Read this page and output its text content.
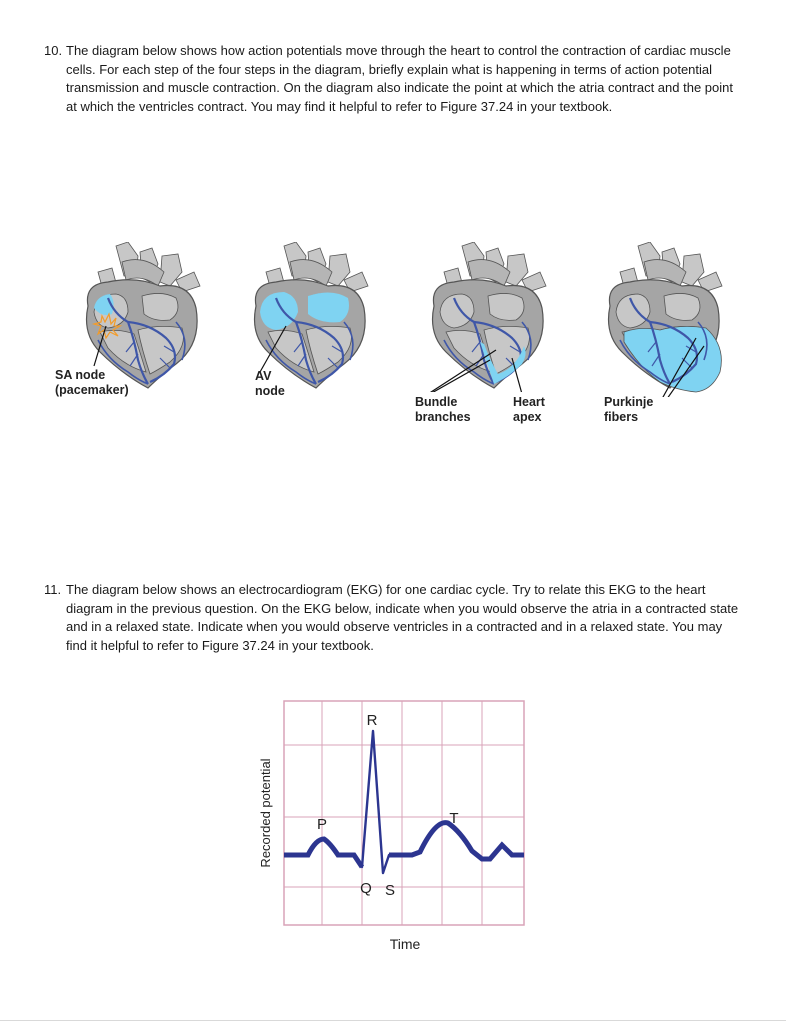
10. The diagram below shows how action potentials move through the heart to control the contraction of cardiac muscle cells. For each step of the four steps in the diagram, briefly explain what is happening in terms of action potential transmission and muscle contraction. On the diagram also indicate the point at which the atria contract and the point at which the ventricles contract. You may find it helpful to refer to Figure 37.24 in your textbook.
SA node
(pacemaker)
AV
node
Bundle
branches
Heart
apex
Purkinje
fibers
11. The diagram below shows an electrocardiogram (EKG) for one cardiac cycle. Try to relate this EKG to the heart diagram in the previous question. On the EKG below, indicate when you would observe the atria in a contracted state and in a relaxed state. Indicate when you would observe ventricles in a contracted and in a relaxed state. You may find it helpful to refer to Figure 37.24 in your textbook.
R
P	T
Q S
Time
Recorded potential
